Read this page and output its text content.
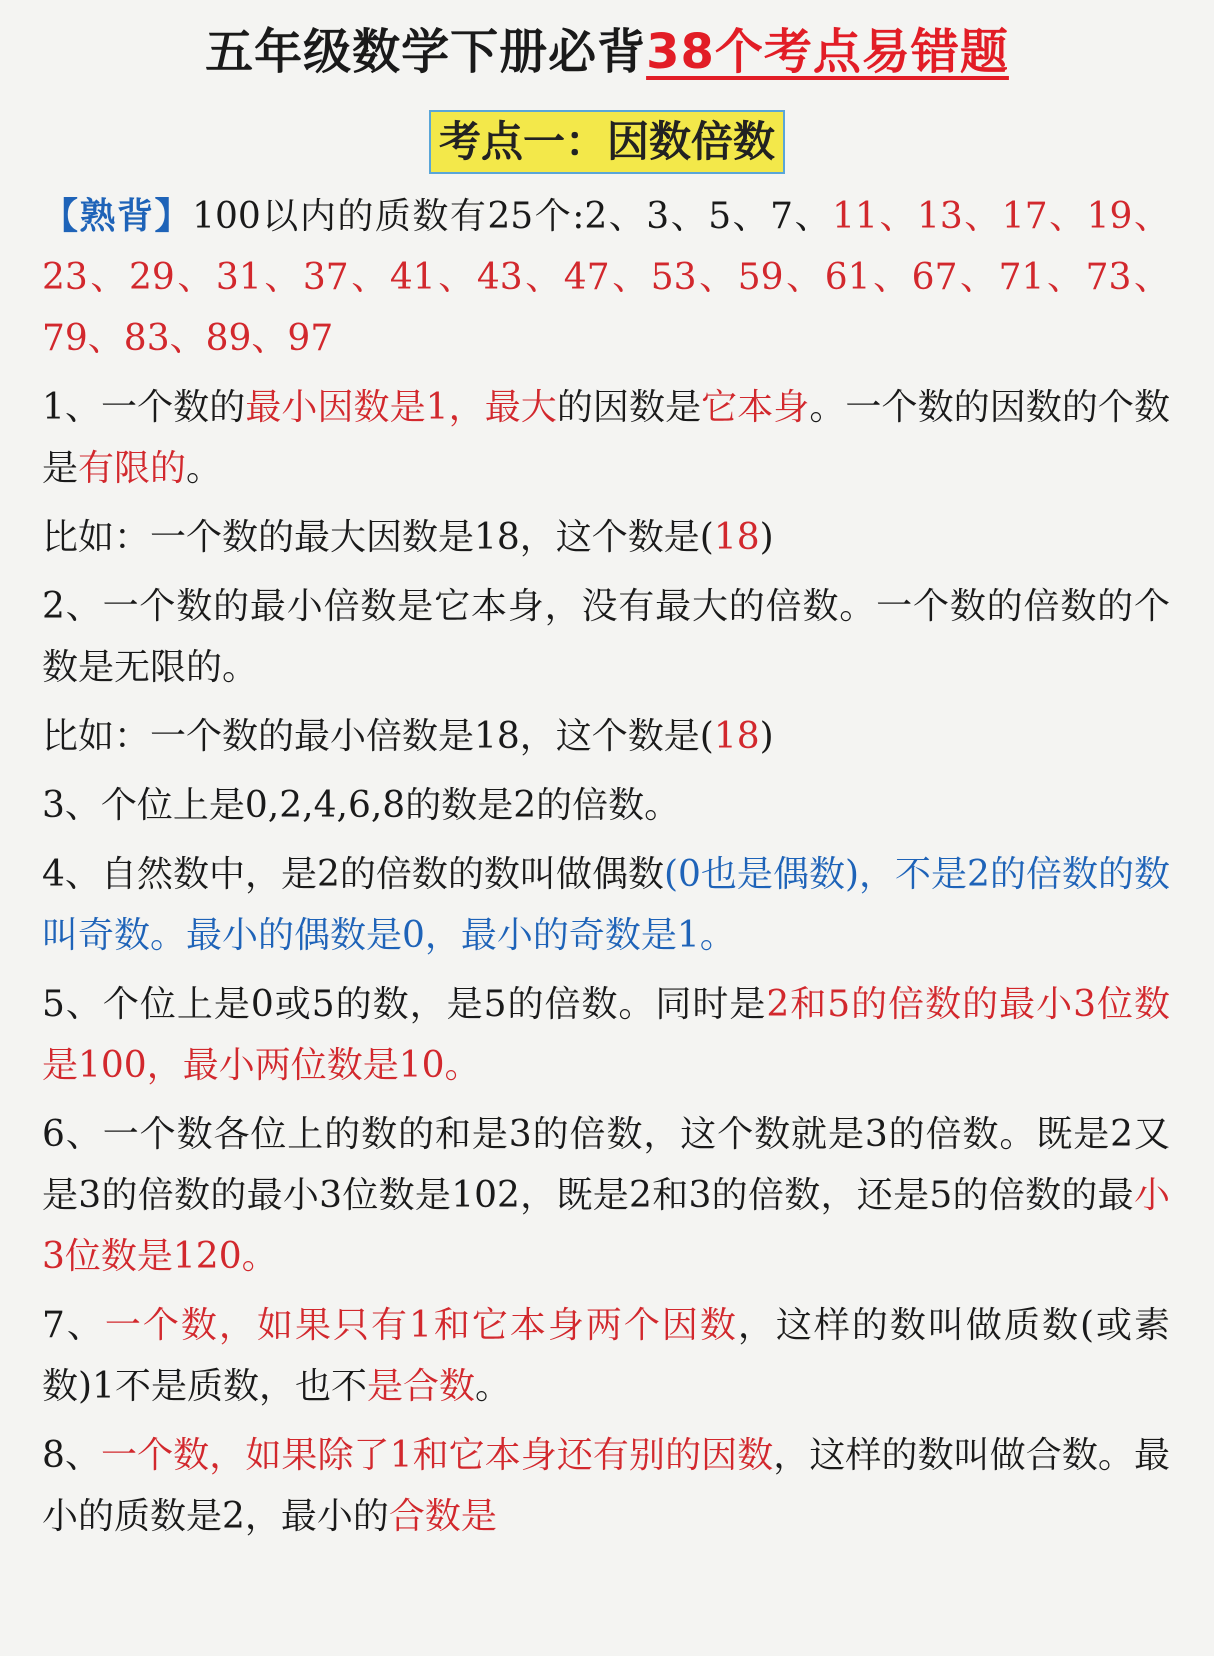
五年级数学下册必背38个考点易错题
考点一：因数倍数

【熟背】100以内的质数有25个:2、3、5、7、11、13、17、19、23、29、31、37、41、43、47、53、59、61、67、71、73、79、83、89、97

1、一个数的最小因数是1，最大的因数是它本身。一个数的因数的个数是有限的。

比如：一个数的最大因数是18，这个数是(18)

2、一个数的最小倍数是它本身，没有最大的倍数。一个数的倍数的个数是无限的。

比如：一个数的最小倍数是18，这个数是(18)

3、个位上是0,2,4,6,8的数是2的倍数。

4、自然数中，是2的倍数的数叫做偶数(0也是偶数)，不是2的倍数的数叫奇数。最小的偶数是0，最小的奇数是1。

5、个位上是0或5的数，是5的倍数。同时是2和5的倍数的最小3位数是100，最小两位数是10。

6、一个数各位上的数的和是3的倍数，这个数就是3的倍数。既是2又是3的倍数的最小3位数是102，既是2和3的倍数，还是5的倍数的最小3位数是120。

7、一个数，如果只有1和它本身两个因数，这样的数叫做质数(或素数)1不是质数，也不是合数。

8、一个数，如果除了1和它本身还有别的因数，这样的数叫做合数。最小的质数是2，最小的合数是
